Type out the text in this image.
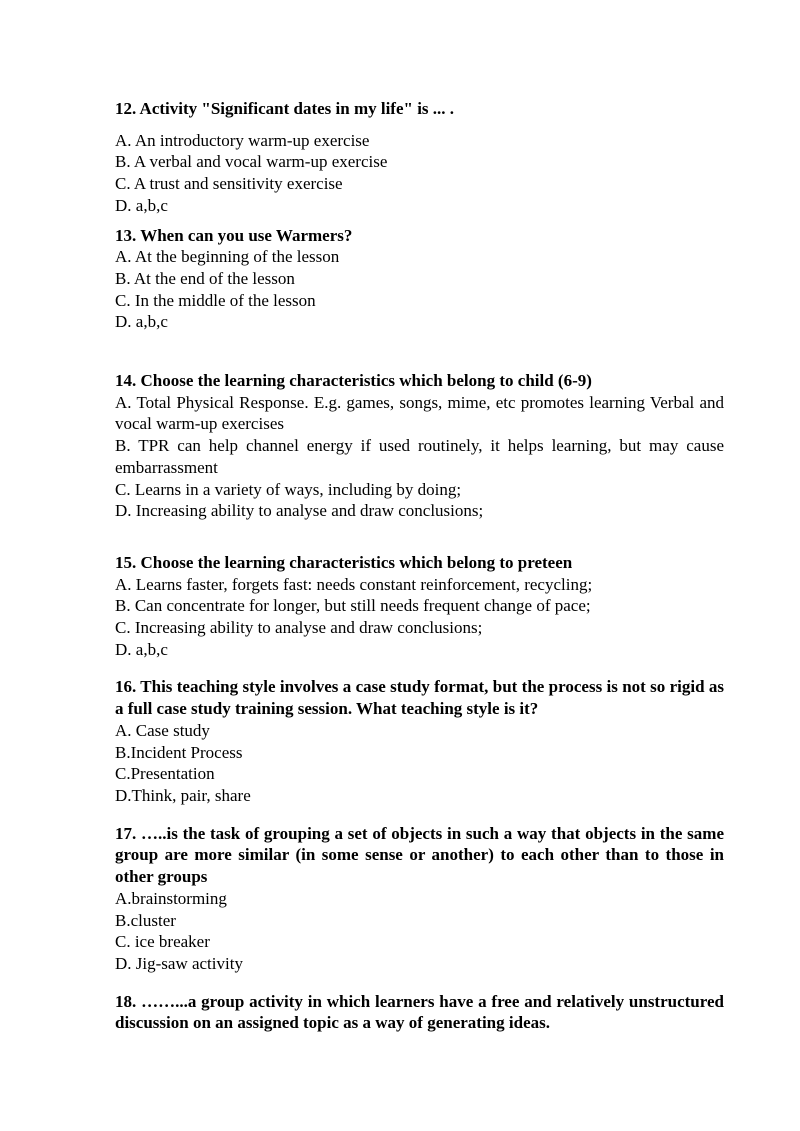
12. Activity "Significant dates in my life" is ... .

A. An introductory warm-up exercise

B. A verbal and vocal warm-up exercise

C. A trust and sensitivity exercise

D. a,b,c

13. When can you use Warmers?

A. At the beginning of the lesson

B. At the end of the lesson

C. In the middle of the lesson

D. a,b,c

14. Choose the learning characteristics which belong to child (6-9)

A. Total Physical Response. E.g. games, songs, mime, etc promotes learning Verbal and vocal warm-up exercises

B. TPR can help channel energy if used routinely, it helps learning, but may cause embarrassment

C. Learns in a variety of ways, including by doing;

D. Increasing ability to analyse and draw conclusions;

15. Choose the learning characteristics which belong to preteen

A. Learns faster, forgets fast: needs constant reinforcement, recycling;

B. Can concentrate for longer, but still needs frequent change of pace;

C. Increasing ability to analyse and draw conclusions;

D. a,b,c

16. This teaching style involves a case study format, but the process is not so rigid as a full case study training session. What teaching style is it?

A. Case study

B.Incident Process

C.Presentation

D.Think, pair, share

17. …..is the task of grouping a set of objects in such a way that objects in the same group are more similar (in some sense or another) to each other than to those in other groups

A.brainstorming

B.cluster

C. ice breaker

D. Jig-saw activity

18. ……...a group activity in which learners have a free and relatively unstructured discussion on an assigned topic as a way of generating ideas.
